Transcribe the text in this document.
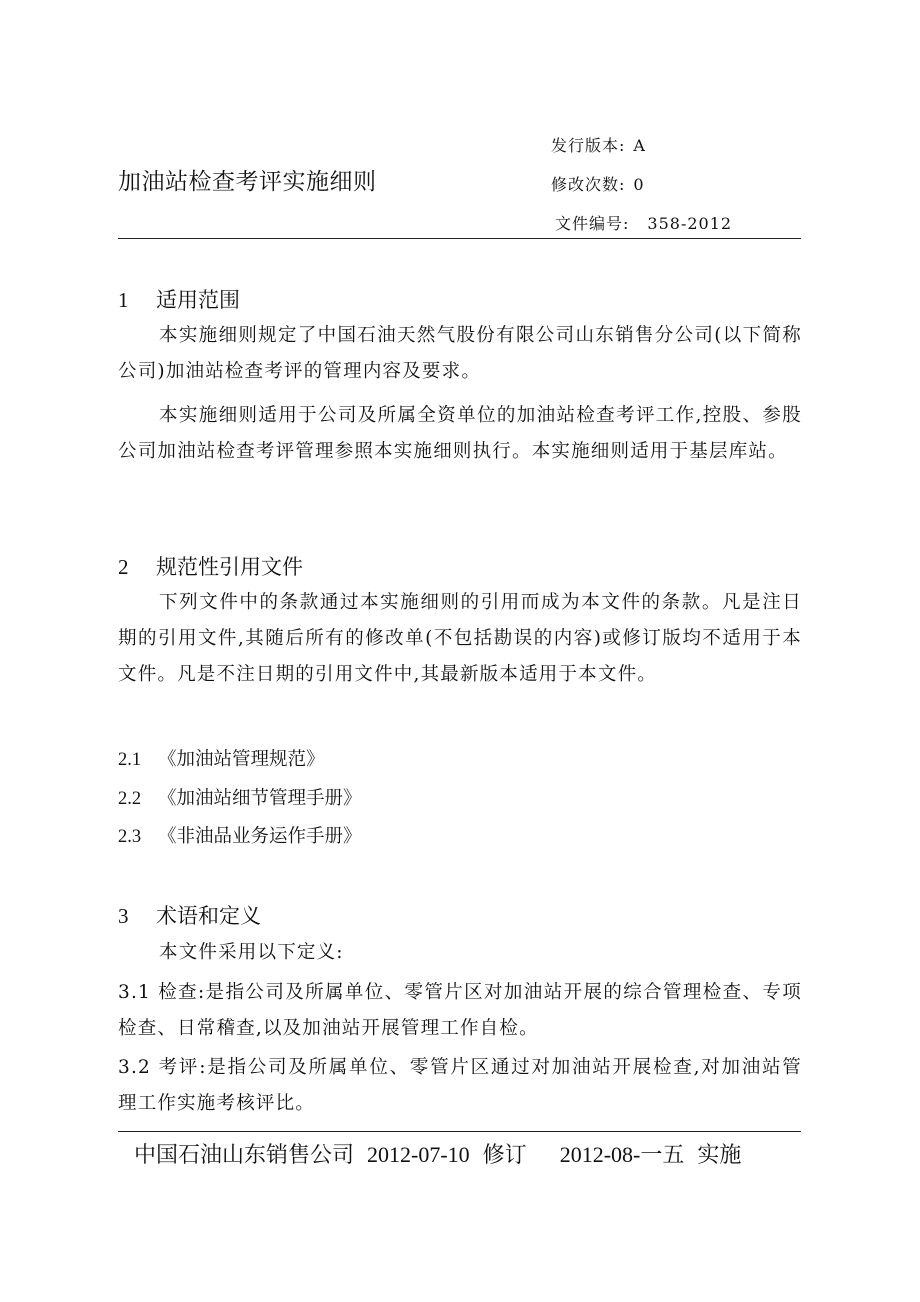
加油站检查考评实施细则
发行版本: A
修改次数: 0
文件编号: 358-2012
1 适用范围

本实施细则规定了中国石油天然气股份有限公司山东销售分公司(以下简称公司)加油站检查考评的管理内容及要求。

本实施细则适用于公司及所属全资单位的加油站检查考评工作,控股、参股公司加油站检查考评管理参照本实施细则执行。本实施细则适用于基层库站。

2 规范性引用文件

下列文件中的条款通过本实施细则的引用而成为本文件的条款。凡是注日期的引用文件,其随后所有的修改单(不包括勘误的内容)或修订版均不适用于本文件。凡是不注日期的引用文件中,其最新版本适用于本文件。

2.1 《加油站管理规范》
2.2 《加油站细节管理手册》
2.3 《非油品业务运作手册》
3 术语和定义

本文件采用以下定义:

3.1 检查:是指公司及所属单位、零管片区对加油站开展的综合管理检查、专项检查、日常稽查,以及加油站开展管理工作自检。

3.2 考评:是指公司及所属单位、零管片区通过对加油站开展检查,对加油站管理工作实施考核评比。

中国石油山东销售公司 2012-07-10 修订 2012-08-一五 实施
